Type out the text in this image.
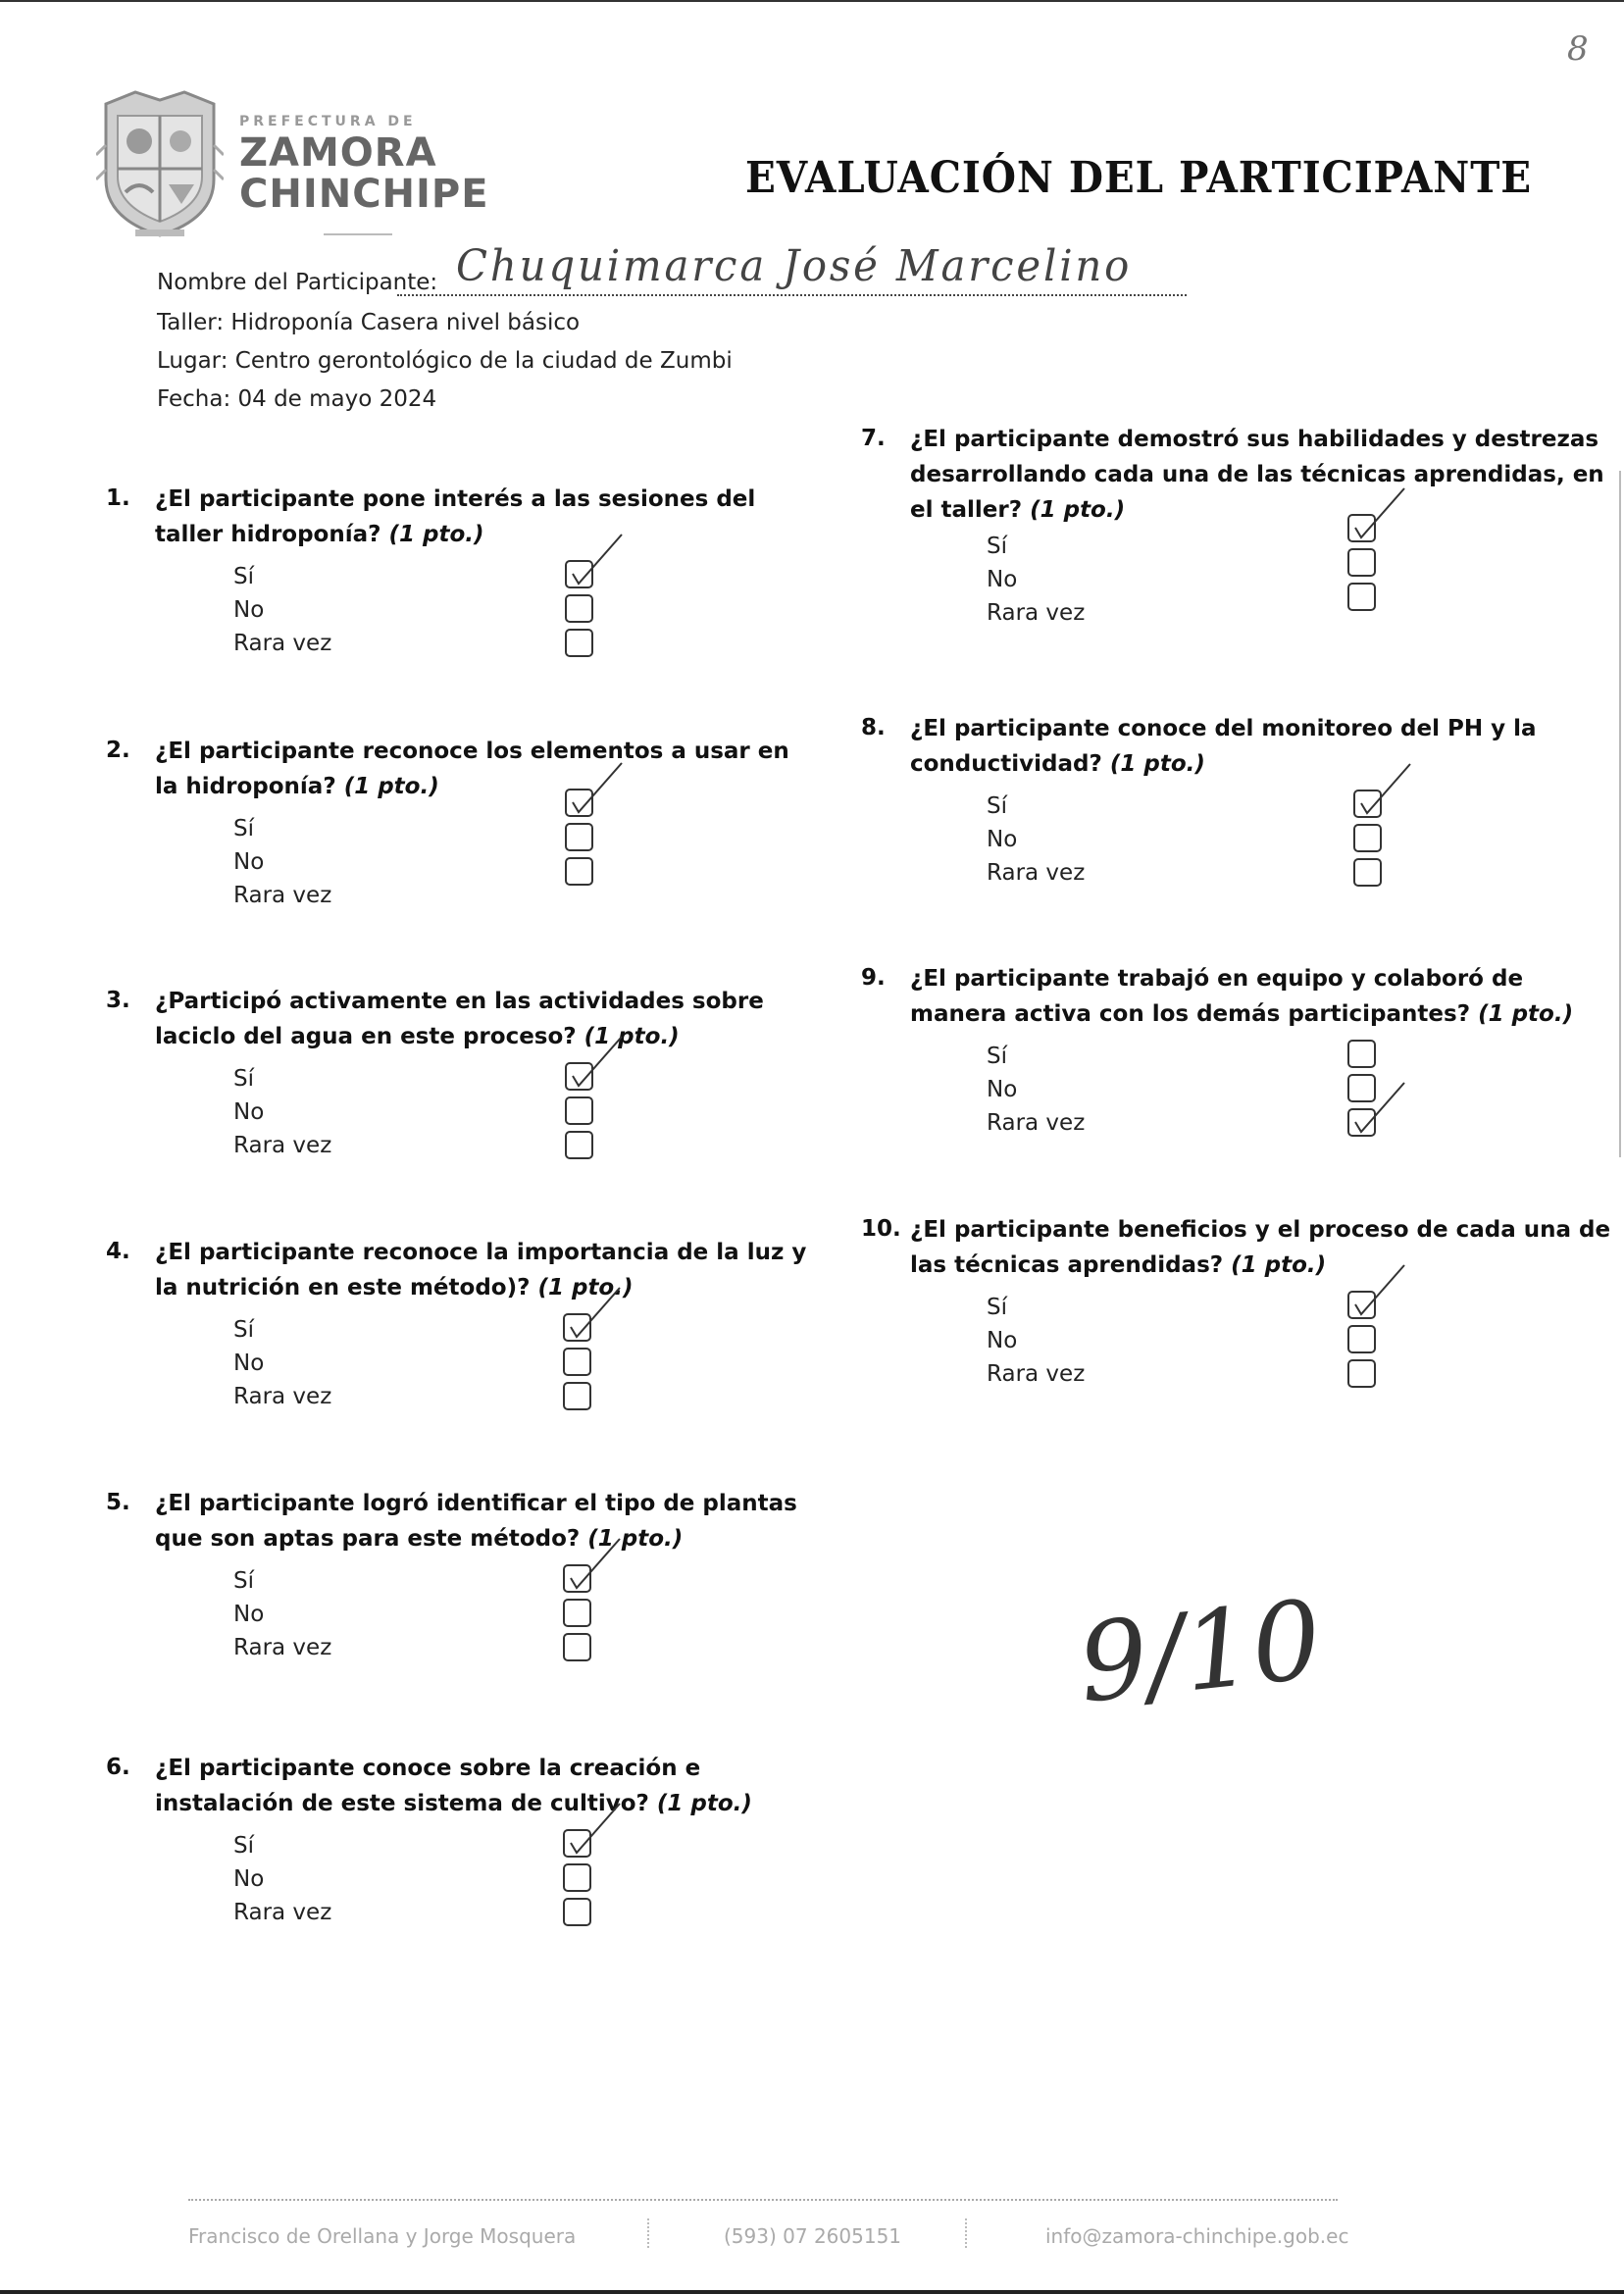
8
PREFECTURA DE
ZAMORA
CHINCHIPE	EVALUACIÓN DEL PARTICIPANTE
Nombre del Participante: Chuquimarca José Marcelino
Taller: Hidroponía Casera nivel básico
Lugar: Centro gerontológico de la ciudad de Zumbi
Fecha: 04 de mayo 2024
1. ¿El participante pone interés a las sesiones del
taller hidroponía? (1 pto.)
Sí
No
Rara vez
2. ¿El participante reconoce los elementos a usar en
la hidroponía? (1 pto.)
Sí
No
Rara vez
3. ¿Participó activamente en las actividades sobre
laciclo del agua en este proceso? (1 pto.)
Sí
No
Rara vez
4. ¿El participante reconoce la importancia de la luz y
la nutrición en este método)? (1 pto.)
Sí
No
Rara vez
5. ¿El participante logró identificar el tipo de plantas
que son aptas para este método? (1 pto.)
Sí
No
Rara vez
6. ¿El participante conoce sobre la creación e
instalación de este sistema de cultivo? (1 pto.)
Sí
No
Rara vez
7. ¿El participante demostró sus habilidades y destrezas
desarrollando cada una de las técnicas aprendidas, en
el taller? (1 pto.)
Sí
No
Rara vez
8. ¿El participante conoce del monitoreo del PH y la
conductividad? (1 pto.)
Sí
No
Rara vez
9. ¿El participante trabajó en equipo y colaboró de
manera activa con los demás participantes? (1 pto.)
Sí
No
Rara vez
10. ¿El participante beneficios y el proceso de cada una de
las técnicas aprendidas? (1 pto.)
Sí
No
Rara vez
9/10
Francisco de Orellana y Jorge Mosquera	(593) 07 2605151	info@zamora-chinchipe.gob.ec
